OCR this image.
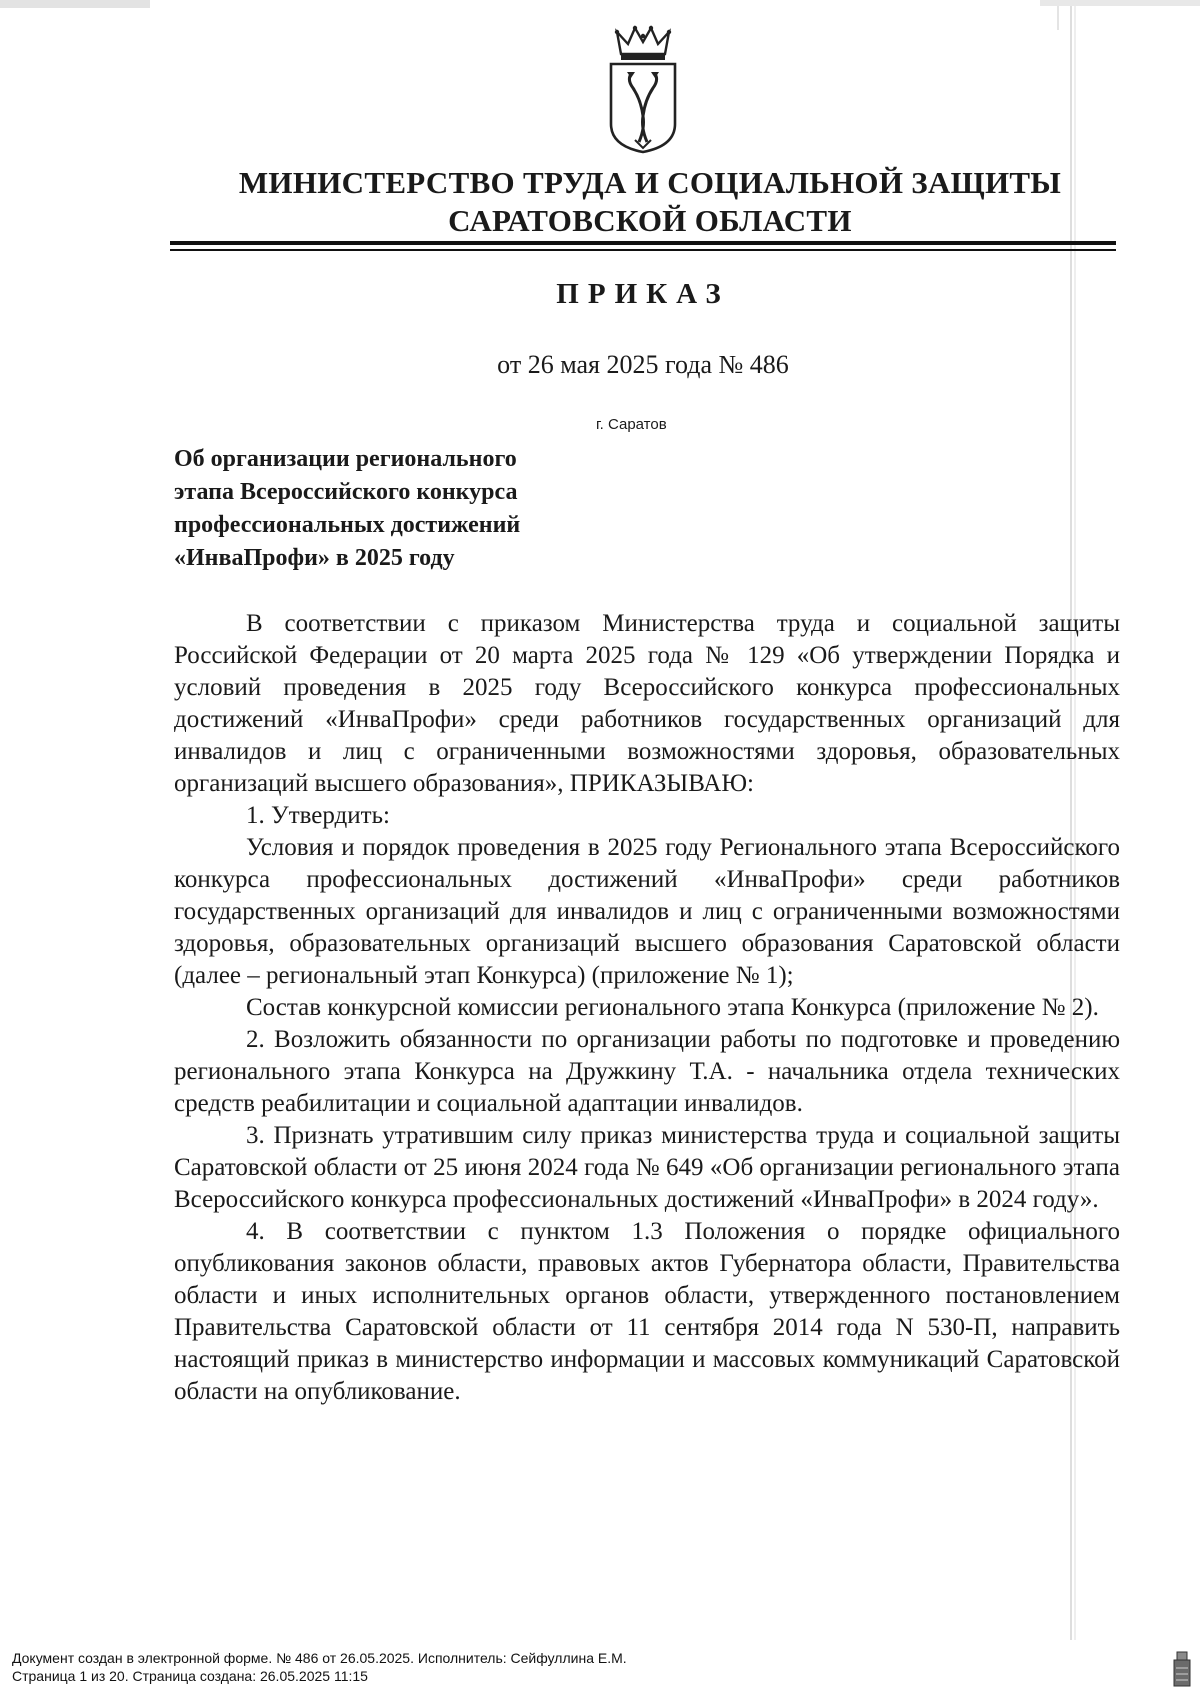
МИНИСТЕРСТВО ТРУДА И СОЦИАЛЬНОЙ ЗАЩИТЫ
САРАТОВСКОЙ ОБЛАСТИ
ПРИКАЗ
от 26 мая 2025 года № 486
г. Саратов
Об организации регионального
этапа Всероссийского конкурса
профессиональных достижений
«ИнваПрофи» в 2025 году
В соответствии с приказом Министерства труда и социальной защиты Российской Федерации от 20 марта 2025 года № 129 «Об утверждении Порядка и условий проведения в 2025 году Всероссийского конкурса профессиональных достижений «ИнваПрофи» среди работников государственных организаций для инвалидов и лиц с ограниченными возможностями здоровья, образовательных организаций высшего образования», ПРИКАЗЫВАЮ:
1. Утвердить:
Условия и порядок проведения в 2025 году Регионального этапа Всероссийского конкурса профессиональных достижений «ИнваПрофи» среди работников государственных организаций для инвалидов и лиц с ограниченными возможностями здоровья, образовательных организаций высшего образования Саратовской области (далее – региональный этап Конкурса) (приложение № 1);
Состав конкурсной комиссии регионального этапа Конкурса (приложение № 2).
2. Возложить обязанности по организации работы по подготовке и проведению регионального этапа Конкурса на Дружкину Т.А. - начальника отдела технических средств реабилитации и социальной адаптации инвалидов.
3. Признать утратившим силу приказ министерства труда и социальной защиты Саратовской области от 25 июня 2024 года № 649 «Об организации регионального этапа Всероссийского конкурса профессиональных достижений «ИнваПрофи» в 2024 году».
4. В соответствии с пунктом 1.3 Положения о порядке официального опубликования законов области, правовых актов Губернатора области, Правительства области и иных исполнительных органов области, утвержденного постановлением Правительства Саратовской области от 11 сентября 2014 года N 530-П, направить настоящий приказ в министерство информации и массовых коммуникаций Саратовской области на опубликование.
Документ создан в электронной форме. № 486 от 26.05.2025. Исполнитель: Сейфуллина Е.М.
Страница 1 из 20. Страница создана: 26.05.2025 11:15
